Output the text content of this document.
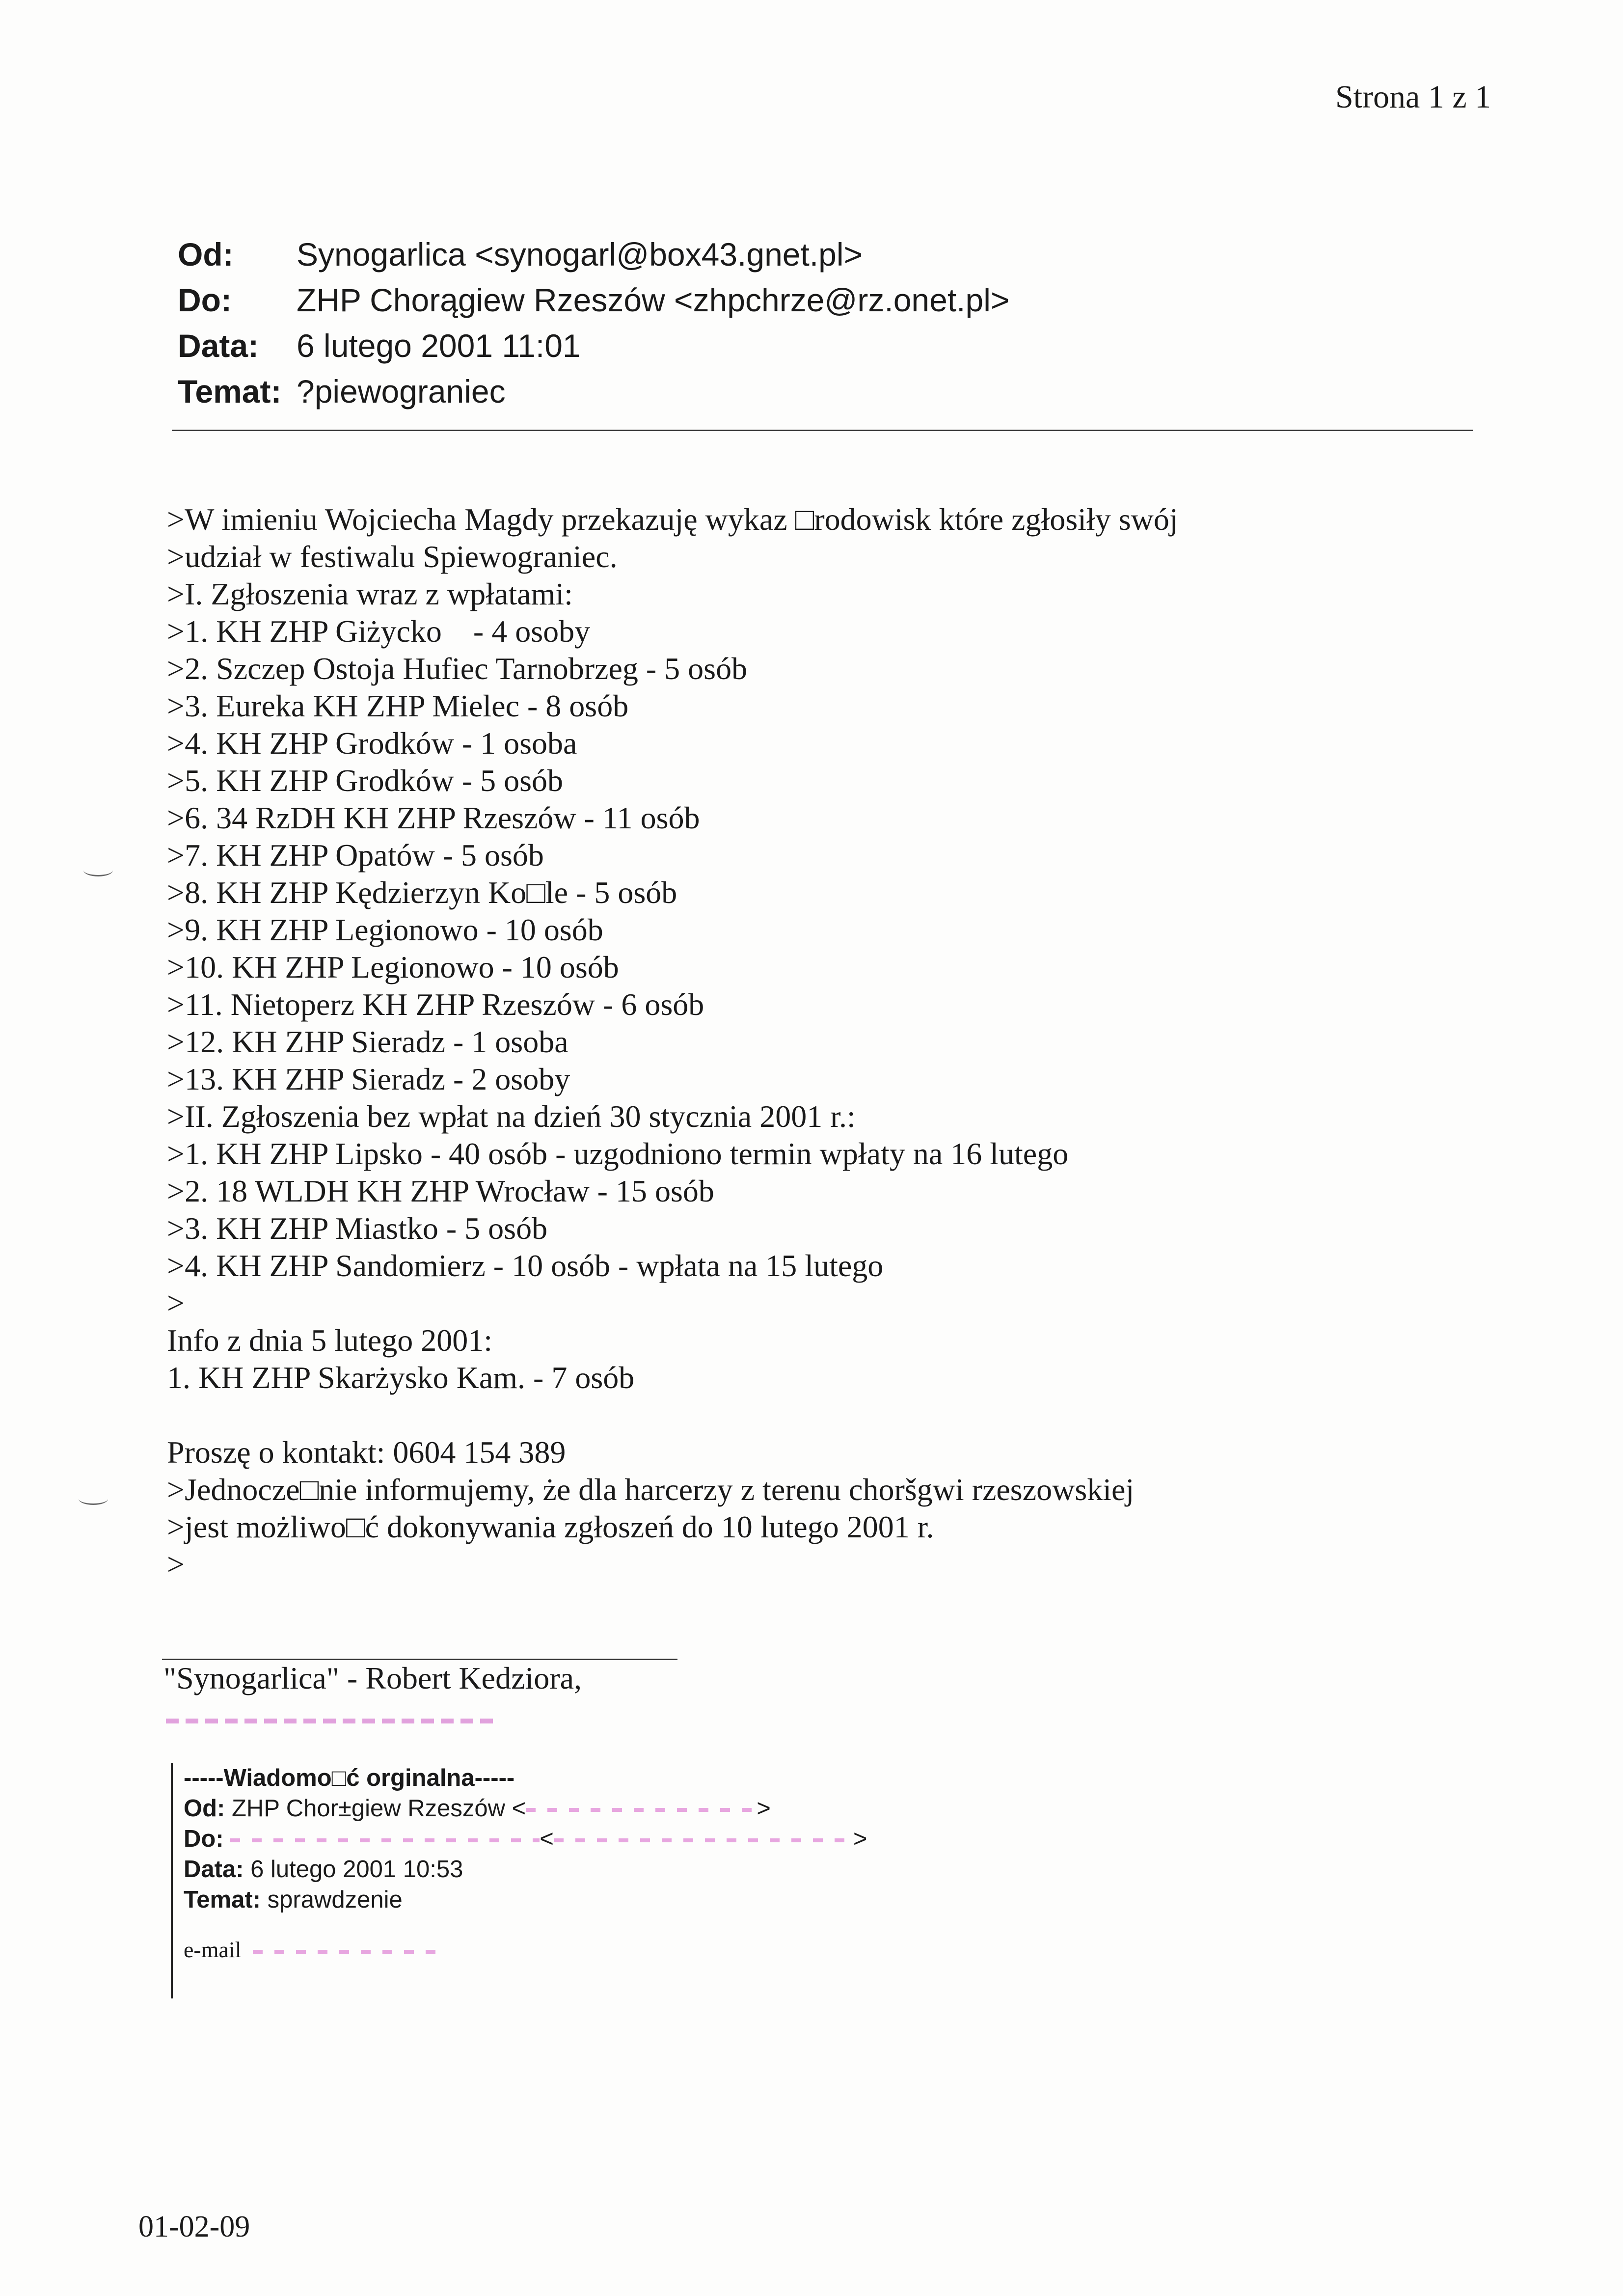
Strona 1 z 1
Od:	Synogarlica <synogarl@box43.gnet.pl>
Do:	ZHP Chorągiew Rzeszów <zhpchrze@rz.onet.pl>
Data:	6 lutego 2001 11:01
Temat: ?piewograniec
>W imieniu Wojciecha Magdy przekazuję wykaz □rodowisk które zgłosiły swój
>udział w festiwalu Spiewograniec.
>I. Zgłoszenia wraz z wpłatami:
>1. KH ZHP Giżycko    - 4 osoby
>2. Szczep Ostoja Hufiec Tarnobrzeg - 5 osób
>3. Eureka KH ZHP Mielec - 8 osób
>4. KH ZHP Grodków - 1 osoba
>5. KH ZHP Grodków - 5 osób
>6. 34 RzDH KH ZHP Rzeszów - 11 osób
>7. KH ZHP Opatów - 5 osób
>8. KH ZHP Kędzierzyn Ko□le - 5 osób
>9. KH ZHP Legionowo - 10 osób
>10. KH ZHP Legionowo - 10 osób
>11. Nietoperz KH ZHP Rzeszów - 6 osób
>12. KH ZHP Sieradz - 1 osoba
>13. KH ZHP Sieradz - 2 osoby
>II. Zgłoszenia bez wpłat na dzień 30 stycznia 2001 r.:
>1. KH ZHP Lipsko - 40 osób - uzgodniono termin wpłaty na 16 lutego
>2. 18 WLDH KH ZHP Wrocław - 15 osób
>3. KH ZHP Miastko - 5 osób
>4. KH ZHP Sandomierz - 10 osób - wpłata na 15 lutego
>
Info z dnia 5 lutego 2001:
1. KH ZHP Skarżysko Kam. - 7 osób
Proszę o kontakt: 0604 154 389
>Jednocze□nie informujemy, że dla harcerzy z terenu choršgwi rzeszowskiej
>jest możliwo□ć dokonywania zgłoszeń do 10 lutego 2001 r.
>
"Synogarlica" - Robert Kedziora,
-----Wiadomo□ć orginalna-----
Od: ZHP Chor±giew Rzeszów <	>
Do:	<	>
Data: 6 lutego 2001 10:53
Temat: sprawdzenie
e-mail
01-02-09
